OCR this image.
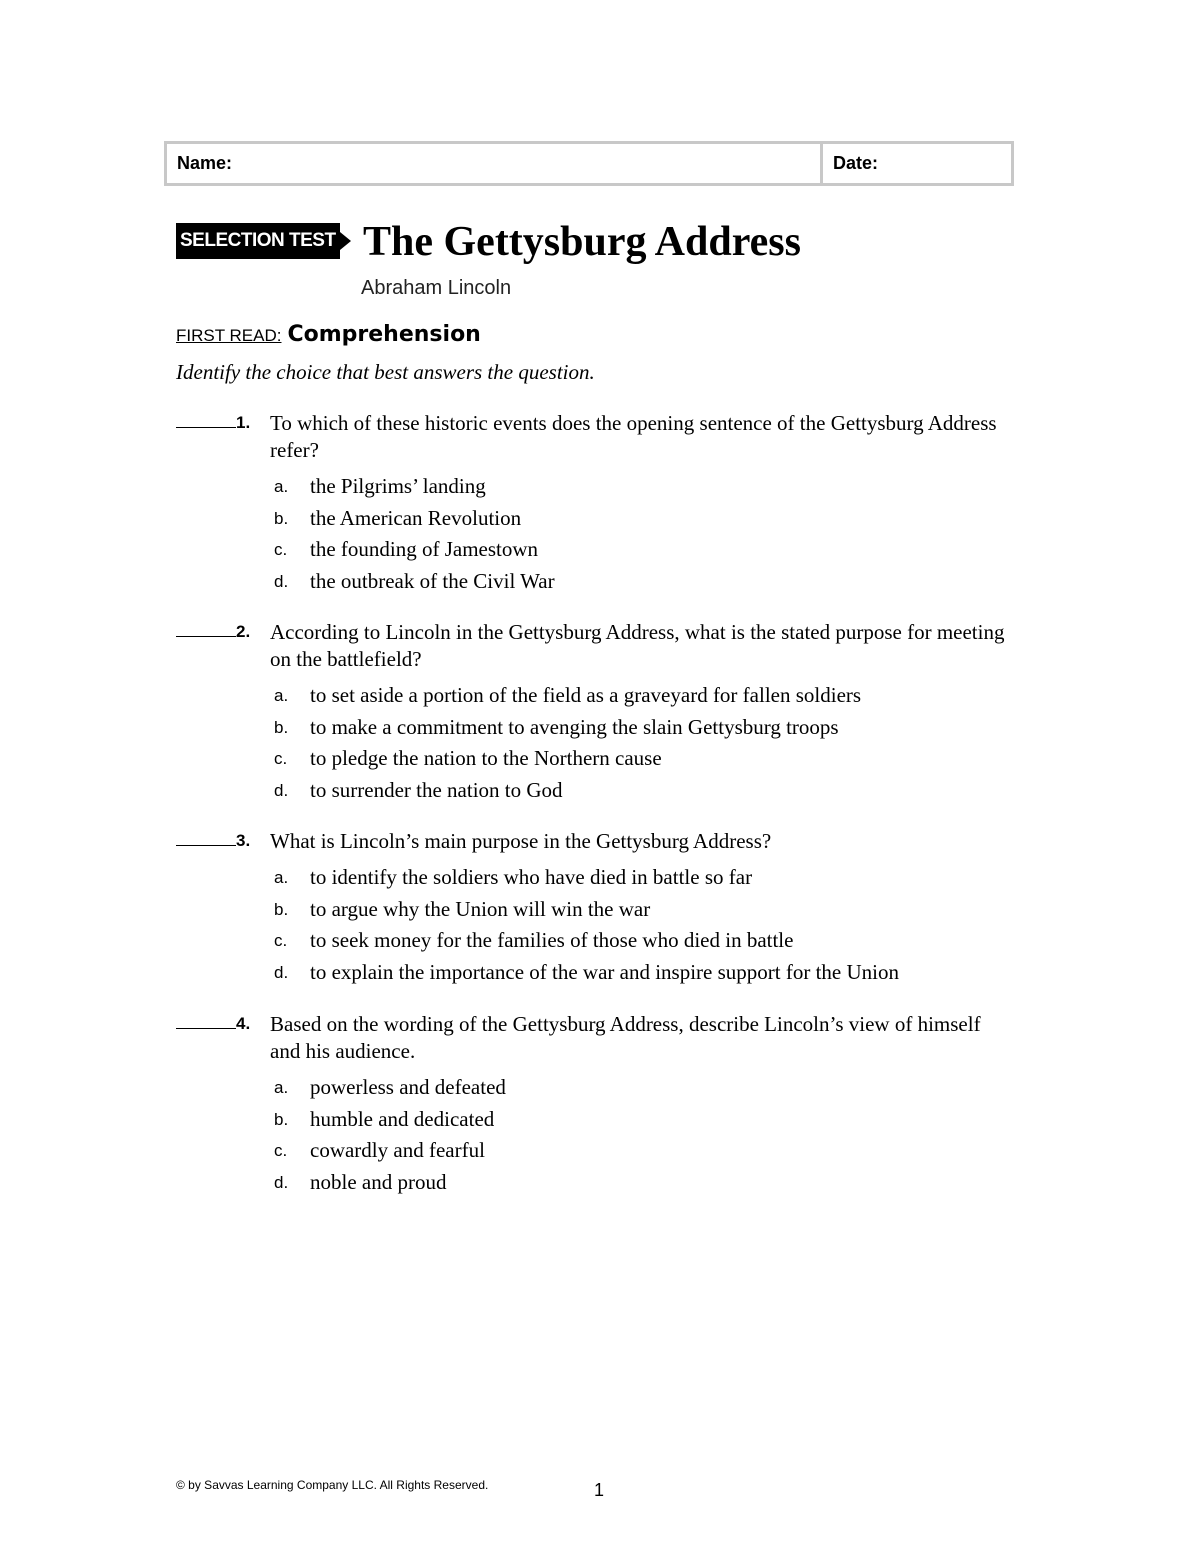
Name:	Date:
SELECTION TEST The Gettysburg Address
Abraham Lincoln
FIRST READ: Comprehension
Identify the choice that best answers the question.
1. To which of these historic events does the opening sentence of the Gettysburg Address refer?
a.	the Pilgrims’ landing
b.	the American Revolution
c.	the founding of Jamestown
d.	the outbreak of the Civil War
2. According to Lincoln in the Gettysburg Address, what is the stated purpose for meeting on the battlefield?
a.	to set aside a portion of the field as a graveyard for fallen soldiers
b.	to make a commitment to avenging the slain Gettysburg troops
c.	to pledge the nation to the Northern cause
d.	to surrender the nation to God
3. What is Lincoln’s main purpose in the Gettysburg Address?
a.	to identify the soldiers who have died in battle so far
b.	to argue why the Union will win the war
c.	to seek money for the families of those who died in battle
d.	to explain the importance of the war and inspire support for the Union
4. Based on the wording of the Gettysburg Address, describe Lincoln’s view of himself and his audience.
a.	powerless and defeated
b.	humble and dedicated
c.	cowardly and fearful
d.	noble and proud
© by Savvas Learning Company LLC. All Rights Reserved.	1
